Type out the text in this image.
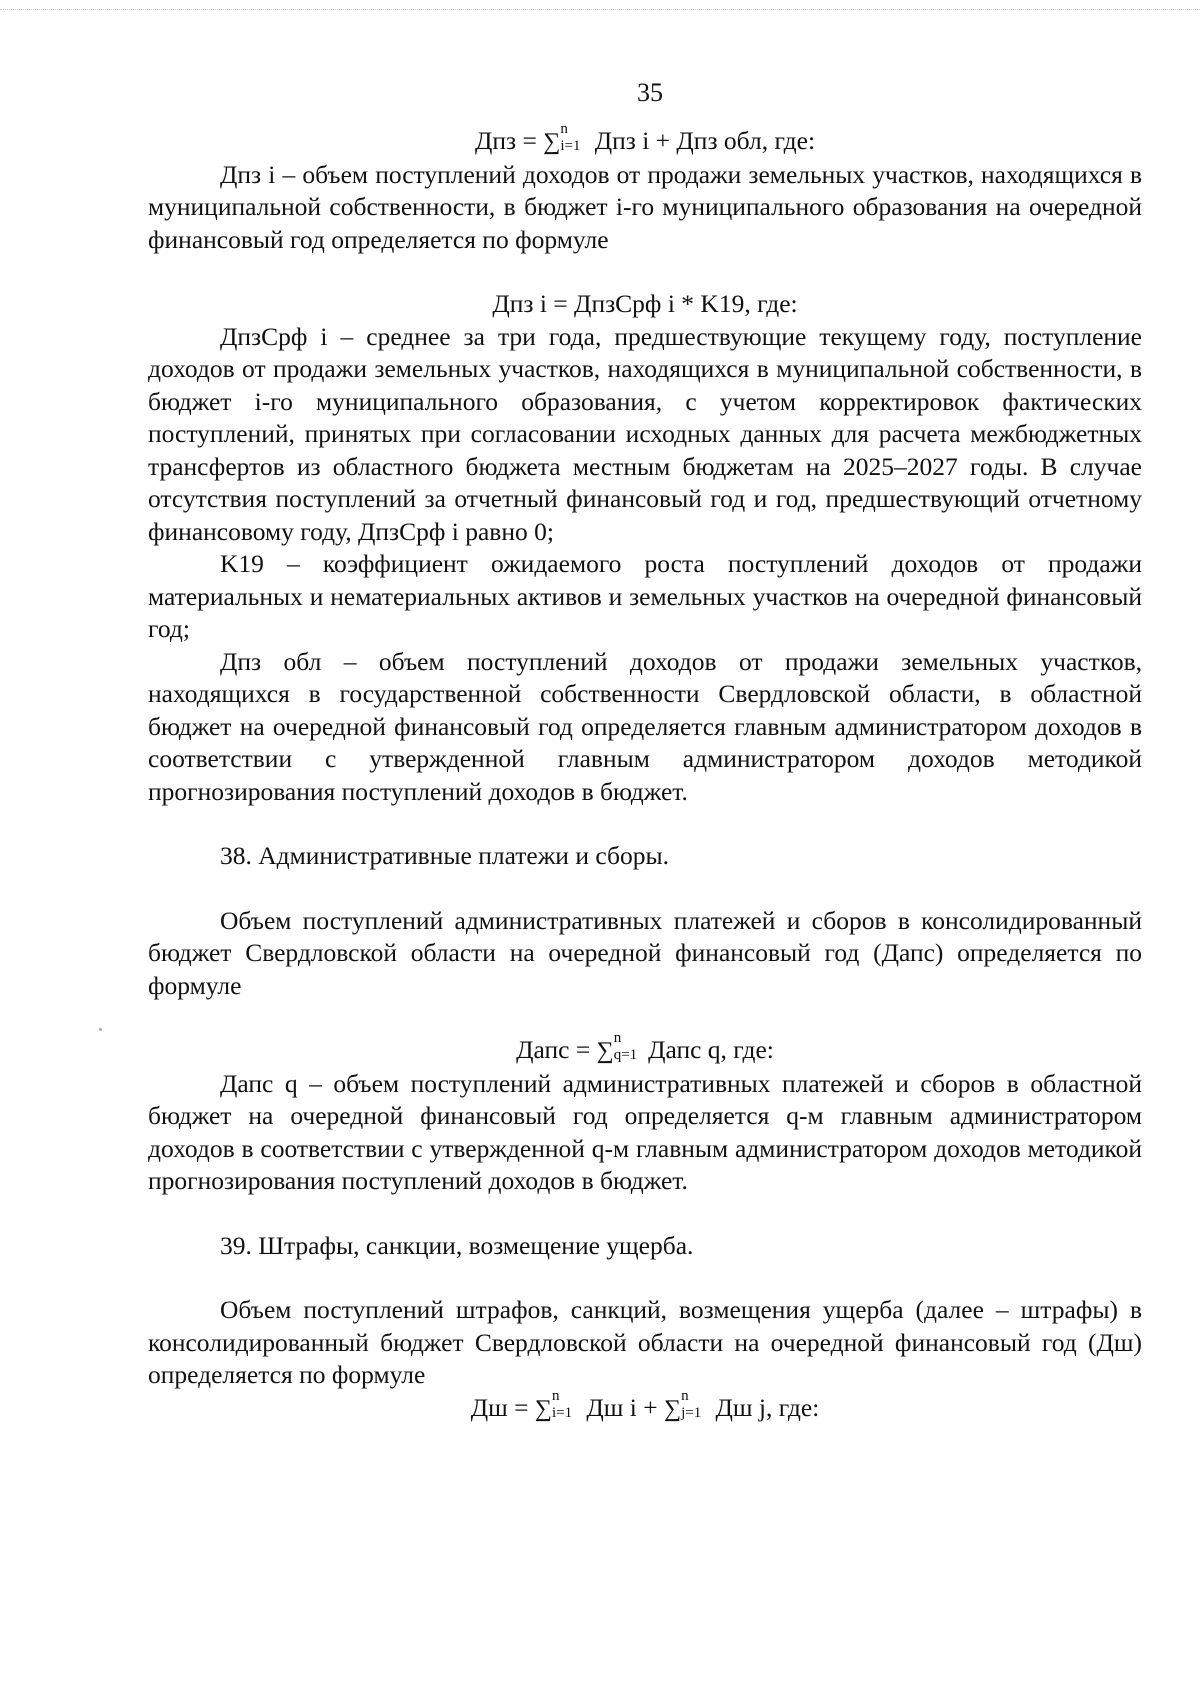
35

Дпз = ∑ n
i=1 Дпз i + Дпз обл, где:

Дпз i – объем поступлений доходов от продажи земельных участков, находящихся в муниципальной собственности, в бюджет i-го муниципального образования на очередной финансовый год определяется по формуле

Дпз i = ДпзСрф i * K19, где:

ДпзСрф i – среднее за три года, предшествующие текущему году, поступление доходов от продажи земельных участков, находящихся в муниципальной собственности, в бюджет i-го муниципального образования, с учетом корректировок фактических поступлений, принятых при согласовании исходных данных для расчета межбюджетных трансфертов из областного бюджета местным бюджетам на 2025–2027 годы. В случае отсутствия поступлений за отчетный финансовый год и год, предшествующий отчетному финансовому году, ДпзСрф i равно 0;

K19 – коэффициент ожидаемого роста поступлений доходов от продажи материальных и нематериальных активов и земельных участков на очередной финансовый год;

Дпз обл – объем поступлений доходов от продажи земельных участков, находящихся в государственной собственности Свердловской области, в областной бюджет на очередной финансовый год определяется главным администратором доходов в соответствии с утвержденной главным администратором доходов методикой прогнозирования поступлений доходов в бюджет.

38. Административные платежи и сборы.

Объем поступлений административных платежей и сборов в консолидированный бюджет Свердловской области на очередной финансовый год (Дапс) определяется по формуле

Дапс = ∑ n
q=1 Дапс q, где:

Дапс q – объем поступлений административных платежей и сборов в областной бюджет на очередной финансовый год определяется q-м главным администратором доходов в соответствии с утвержденной q-м главным администратором доходов методикой прогнозирования поступлений доходов в бюджет.

39. Штрафы, санкции, возмещение ущерба.

Объем поступлений штрафов, санкций, возмещения ущерба (далее – штрафы) в консолидированный бюджет Свердловской области на очередной финансовый год (Дш) определяется по формуле

Дш = ∑ n
i=1 Дш i + ∑ n
j=1 Дш j, где:
